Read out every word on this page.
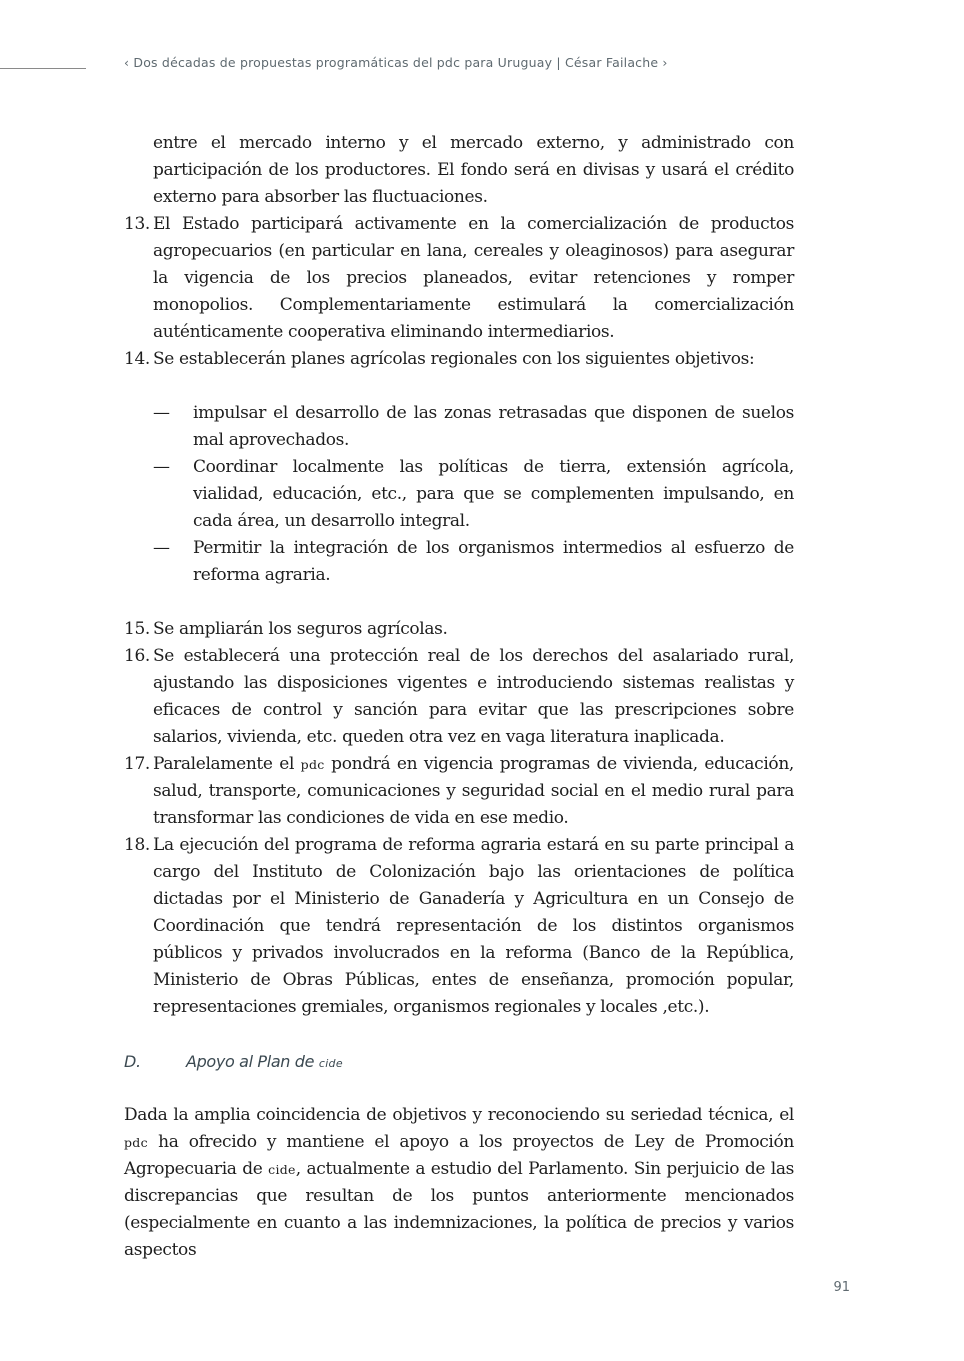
‹ Dos décadas de propuestas programáticas del pdc para Uruguay | César Failache ›

entre el mercado interno y el mercado externo, y administrado con participación de los productores. El fondo será en divisas y usará el crédito externo para absorber las fluctuaciones.

13. El Estado participará activamente en la comercialización de productos agropecuarios (en particular en lana, cereales y oleaginosos) para asegurar la vigencia de los precios planeados, evitar retenciones y romper monopolios. Complementariamente estimulará la comercialización auténticamente cooperativa eliminando intermediarios.
14. Se establecerán planes agrícolas regionales con los siguientes objetivos:
— impulsar el desarrollo de las zonas retrasadas que disponen de suelos mal aprovechados.
— Coordinar localmente las políticas de tierra, extensión agrícola, vialidad, educación, etc., para que se complementen impulsando, en cada área, un desarrollo integral.
— Permitir la integración de los organismos intermedios al esfuerzo de reforma agraria.
15. Se ampliarán los seguros agrícolas.
16. Se establecerá una protección real de los derechos del asalariado rural, ajustando las disposiciones vigentes e introduciendo sistemas realistas y eficaces de control y sanción para evitar que las prescripciones sobre salarios, vivienda, etc. queden otra vez en vaga literatura inaplicada.
17. Paralelamente el pdc pondrá en vigencia programas de vivienda, educación, salud, transporte, comunicaciones y seguridad social en el medio rural para transformar las condiciones de vida en ese medio.
18. La ejecución del programa de reforma agraria estará en su parte principal a cargo del Instituto de Colonización bajo las orientaciones de política dictadas por el Ministerio de Ganadería y Agricultura en un Consejo de Coordinación que tendrá representación de los distintos organismos públicos y privados involucrados en la reforma (Banco de la República, Ministerio de Obras Públicas, entes de enseñanza, promoción popular, representaciones gremiales, organismos regionales y locales ,etc.).
D.	Apoyo al Plan de cide

Dada la amplia coincidencia de objetivos y reconociendo su seriedad técnica, el pdc ha ofrecido y mantiene el apoyo a los proyectos de Ley de Promoción Agropecuaria de cide, actualmente a estudio del Parlamento. Sin perjuicio de las discrepancias que resultan de los puntos anteriormente mencionados (especialmente en cuanto a las indemnizaciones, la política de precios y varios aspectos

91
